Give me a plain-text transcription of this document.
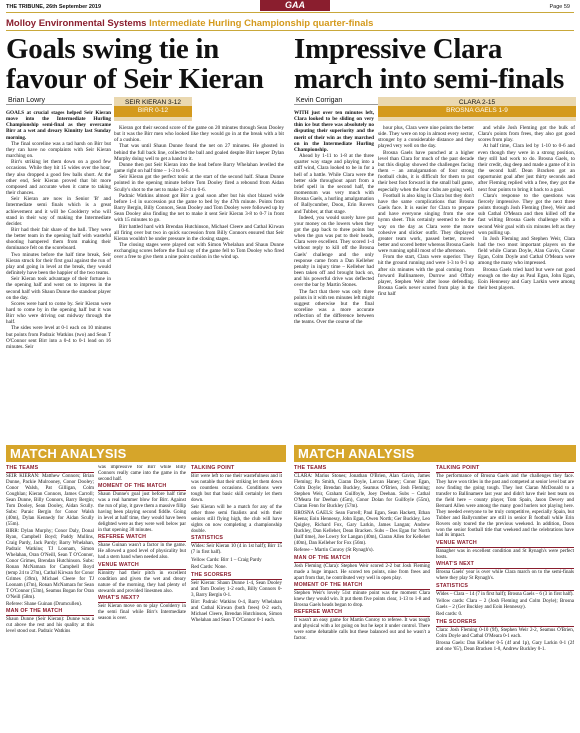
THE TRIBUNE, 26th September 2019	GAA	Page 59
Molloy Environmental Systems Intermediate Hurling Championship quarter-finals
Goals swing tie in
favour of Seir Kieran
Brian Lowry

GOALS at crucial stages helped Seir Kieran move into the Intermediate Hurling Championship semi-final as they overcame Birr at a wet and dreary Kinnitty last Sunday morning.

The final scoreline was a tad harsh on Birr but they can have no complaints with Seir Kieran marching on.

Birr's striking let them down on a good few occasions. While they hit 15 wides over the hour, they also dropped a good few balls short. At the other end, Seir Kieran proved that bit more composed and accurate when it came to taking their chances.

Seir Kieran are now in Senior 'B' and Intermediate semi finals which is a great achievement and it will be Coolderry who will stand in their way of making the Intermediate decider.

Birr had their fair share of the ball. They were the better team in the opening half with wasteful shooting hampered them from making their dominance felt on the scoreboard.

Two minutes before the half time break, Seir Kieran struck for their first goal against the run of play and going in level at the break, they would definitely have been the happier of the two teams.

Seir Kieran took advantage of their fortune in the opening half and went on to impress in the second half with Shaun Dunne the standout player on the day.

Scores were hard to come by. Seir Kieran were hard to come by in the opening half but it was Birr who were driving out midway through the half.

The sides were level at 0-1 each on 10 minutes but points from Padraic Watkins (two) and Sean T O'Connor sent Birr into a 0-4 to 0-1 lead on 16 minutes. Seir

SEIR KIERAN 3-12
BIRR 0-12

Kieran got their second score of the game on 20 minutes through Sean Dooley but it was the Birr men who looked like they would go in at the break with a bit of a cushion.

That was until Shaun Dunne found the net on 27 minutes. He ghosted in behind the full back line, collected the ball and goaled despite Birr keeper Dylan Murphy doing well to get a hand to it.

Dunne then put Seir Kieran into the lead before Barry Whelahan levelled the game right on half time – 1-3 to 0-6.

Seir Kieran got the perfect tonic at the start of the second half. Shaun Dunne pointed in the opening minute before Tom Dooley fired a rebound from Aidan Scully's shot to the net to make it 2-4 to 0-6.

Padraic Watkins almost got Birr a goal soon after but his shot blazed wide before 1-4 in succession put the game to bed by the 47th minute. Points from Barry Bergin, Billy Connors, Sean Dooley and Tom Dooley were followed up by Sean Dooley also finding the net to make it sent Seir Kieran 3-8 to 0-7 in front with 15 minutes to go.

Birr battled hard with Brendan Hutchinson, Michael Cleere and Cathal Kirwan all firing over but two in quick succession from Billy Connors ensured that Seir Kieran wouldn't be under pressure in the closing stages.

The closing stages were played out with Simon Whelahan and Shaun Dunne exchanging scores before the final say of the game fell to Tom Dooley who fired over a free to give them a nine point cushion in the wind up.

Impressive Clara
march into semi-finals
Kevin Corrigan	CLARA 2-15
BROSNA GAELS 1-9

WITH just over ten minutes left, Clara looked to be sliding on very thin ice but there was absolutely no disputing their superiority and the merit of their win as they marched on in the Intermediate Hurling Championship.

Ahead by 1-11 to 1-8 at the three quarter way stage and playing into a stiff wind, Clara looked to be in for a hell of a battle. While Clara were the better side throughout apart from a brief spell in the second half, the momentum was very much with Brosna Gaels, a hurling amalgamation of Ballycumber, Doon, Erin Rovers and Tubber, at that stage.

Indeed, you would surely have put your money on the lowers when they got the gap back to three points but when the gun was put to their heads, Clara were excellent. They scored 1-4 without reply to kill off the Brosna Gaels' challenge and the only response came from a Dan Kelleher penalty in injury time – Kelleher had been taken off and brought back on, and his powerful drive was deflected over the bar by Martin Stones.

The fact that there was only three points in it with ten minutes left might suggest otherwise but the final scoreline was a more accurate reflection of the difference between the teams. Over the course of the

hour plus, Clara were nine points the better side. They were on top in almost every sector, stronger by a considerable distance and they played very well on the day.

Brosna Gaels have punched at a higher level than Clara for much of the past decade but this display showed the challenges facing them – an amalgamation of four strong football clubs, it is difficult for them to put their best foot forward in the small ball game, especially when the four clubs are going well.

Football is also king in Clara but they don't have the same complications that Brosna Gaels face. It is easier for Clara to prepare and have everyone singing from the one hymn sheet. This certainly seemed to be the way on the day as Clara were the more cohesive and slicker outfit. They displayed greater team work, passed better, moved better and scored better whereas Brosna Gaels were running uphill most of the afternoon.

From the start, Clara were superior. They hit the ground running and were 1-3 to 0-1 up after six minutes with the goal coming from forward Ballinamere, Durrow and Offaly player, Stephen Weir after loose defending. Brosna Gaels never scored from play in the first half

and while Josh Fleming got the bulk of Clara's points from frees, they also got good scores from play.

At half time, Clara led by 1-10 to 0-6 and even though they were in a strong position, they still had work to do. Brosna Gaels, to their credit, dug deep and made a game of it in the second half. Dean Bracken got an opportunist goal after just thirty seconds and after Fleming replied with a free, they got the next four points to bring it back to a goal.

Clara's response to the questions was fiercely impressive. They got the next three points through Josh Fleming (free), Weir and sub Cathal O'Meara and then killed off the fast wilting Brosna Gaels challenge with a second Weir goal with six minutes left as they won pulling up.

In Josh Fleming and Stephen Weir, Clara had the two most important players on the field while Ciaran Doyle, Alan Gavin, Conor Egan, Colm Doyle and Cathal O'Meara were among the many who impressed.

Brosna Gaels tried hard but were not good enough on the day as Paul Egan, John Egan, Eoin Hennessy and Gary Larkin were among their best players.

MATCH ANALYSIS	MATCH ANALYSIS
THE TEAMS

SEIR KIERAN: Matthew Connors; Brian Dunne, Packie Mulrooney, Conor Dooley; Conor Walsh, Pat Gilligan, Colm Coughlan; Kieran Connors, James Carroll; Sean Dunne, Billy Connors, Barry Bergin; Tom Dooley, Sean Dooley, Aidan Scully. Subs: Paraic Bergin for Conor Walsh (40m), Dylan Kennedy for Aidan Scully (55m).

BIRR: Dylan Murphy; Conor Daly, Donal Ryan, Campbell Boyd; Paddy Mullins, Craig Pardy, Jack Pardy; Barry Whelahan, Padraic Watkins; TJ Loonam, Simon Whelahan, Oran O'Neill, Sean T O'Connor, Conor Grimes, Brendan Hutchinson. Subs: Ronan McNamara for Campbell Boyd (temp 24 to 27m), Cathal Kirwan for Conor Grimes (39m), Michael Cleere for TJ Loonam (47m), Ronan McNamara for Sean T O'Connor (53m), Seamus Bogan for Oran O'Neill (58m).

Referee: Shane Guinan (Drumcullen).

MAN OF THE MATCH

Shaun Dunne (Seir Kieran): Dunne was a cut above the rest and his quality at this level stood out. Padraic Watkins

was impressive for Birr while Billy Connors really came into the game in the second half.

MOMENT OF THE MATCH

Shaun Dunne's goal just before half time was a real hammer blow for Birr. Against the run of play, it gave them a massive fillip having been playing second fiddle. Going in level at half time, they would have been delighted were as they were well below par in that opening 30 minutes.

REFEREE WATCH

Shane Guinan wasn't a factor in the game. He allowed a good level of physicality but had a stern hand when needed also.

VENUE WATCH

Kinnitty had their pitch in excellent condition and given the wet and dreary nature of the morning, they had plenty of stewards and provided linesmen also.

WHAT'S NEXT?

Seir Kieran move on to play Coolderry in the semi final while Birr's Intermediate season is over.

TALKING POINT

Birr were left to rue their wastefulness and it was notable that their striking let them down on countless occasions. Conditions were tough but that basic skill certainly let them down.

Seir Kieran will be a match for any of the other three semi finalists and with their seniors still flying high, the club will have sights on now completing a championship double.

STATISTICS

Wides: Seir Kieran 10 (4 in 1st half); Birr 15 (7 in first half).

Yellow Cards: Birr 1 – Craig Pardy

Red Cards: None.

THE SCORERS

Seir Kieran: Shaun Dunne 1-4, Sean Dooley and Tom Dooley 1-2 each, Billy Connors 0-3, Barry Bergin 0-1.

Birr: Padraic Watkins 0-4, Barry Whelahan and Cathal Kirwan (both frees) 0-2 each, Michael Cleere, Brendan Hutchinson, Simon Whelahan and Sean T O'Connor 0-1 each.

THE TEAMS

CLARA: Marius Stones; Jonathan O'Brien, Alan Gavin, James Fleming; Pa Smith, Ciaran Doyle, Lorcan Haney; Conor Egan, Colm Doyle; Brendan Buckley, Seamus O'Brien, Josh Fleming; Stephen Weir, Graham Guilfoyle, Joey Deehan. Subs – Cathal O'Meara for Deehan (45m), Conor Dolan for Guilfoyle (55m), Ciaran Fenn for Buckley (57m).

BROSNA GAELS: Sean Farrell; Paul Egan, Sean Hackett, Ethan Keena; Eoin Hennessy, John Egan, Owen North; Ger Buckley, Leo Quigley, Richard Fox, Gary Larkin, James Langan; Andrew Buckley, Dan Kelleher, Dean Bracken. Subs – Des Egan for North (half time), Joe Lowry for Langan (40m), Ciaran Allen for Kelleher (40m), Dan Kelleher for Fox (56m).

Referee – Martin Conroy (St Rynagh's).

MAN OF THE MATCH

Josh Fleming (Clara): Stephen Weir scored 2-2 but Josh Fleming made a huge impact. He scored ten points, nine from frees and apart from that, he contributed very well in open play.

MOMENT OF THE MATCH

Stephen Weir's lovely 51st minute point was the moment Clara knew they would win. It put them five points clear, 1-13 to 1-8 and Brosna Gaels heads began to drop.

REFEREE WATCH

It wasn't an easy game for Martin Conroy to referee. It was tough and physical with a lot going on but he kept it under control. There were some debatable calls but these balanced out and he wasn't a factor.

TALKING POINT

The performance of Brosna Gaels and the challenges they face. They have won titles in the past and competed at senior level but are now finding the going tough. They lost Ciaran McDonald to a transfer to Ballinamere last year and didn't have their best team on the field here – county player, Tom Spain, Jason Devery and Bernard Allen were among the many good hurlers not playing here. They needed everyone to be truly competitive, especially Spain, but Tubber and Ballycumber are still in senior B football while Erin Rovers only toured the the previous weekend. In addition, Doon won the senior football title that weekend and the celebrations have had its impact.

VENUE WATCH

Banagher was in excellent condition and St Rynagh's were perfect hosts.

WHAT'S NEXT

Brosna Gaels' year is over while Clara march on to the semi-finals where they play St Rynagh's.

STATISTICS

Wides – Clara – 14 (7 in first half); Brosna Gaels – 6 (3 in first half).

Yellow cards: Clara – 2 (Josh Fleming and Colm Doyle); Brosna Gaels – 2 (Ger Buckley and Eoin Hennessy).

Red cards: 0.

THE SCORERS

Clara: Josh Fleming 0-10 (9f), Stephen Weir 2-2, Seamus O'Brien, Colm Doyle and Cathal O'Meara 0-1 each.

Brosna Gaels: Dan Kelleher 0-5 (4f and 1p), Gary Larkin 0-1 (2f and one '65'), Dean Bracken 1-0, Andrew Buckley 0-1.
